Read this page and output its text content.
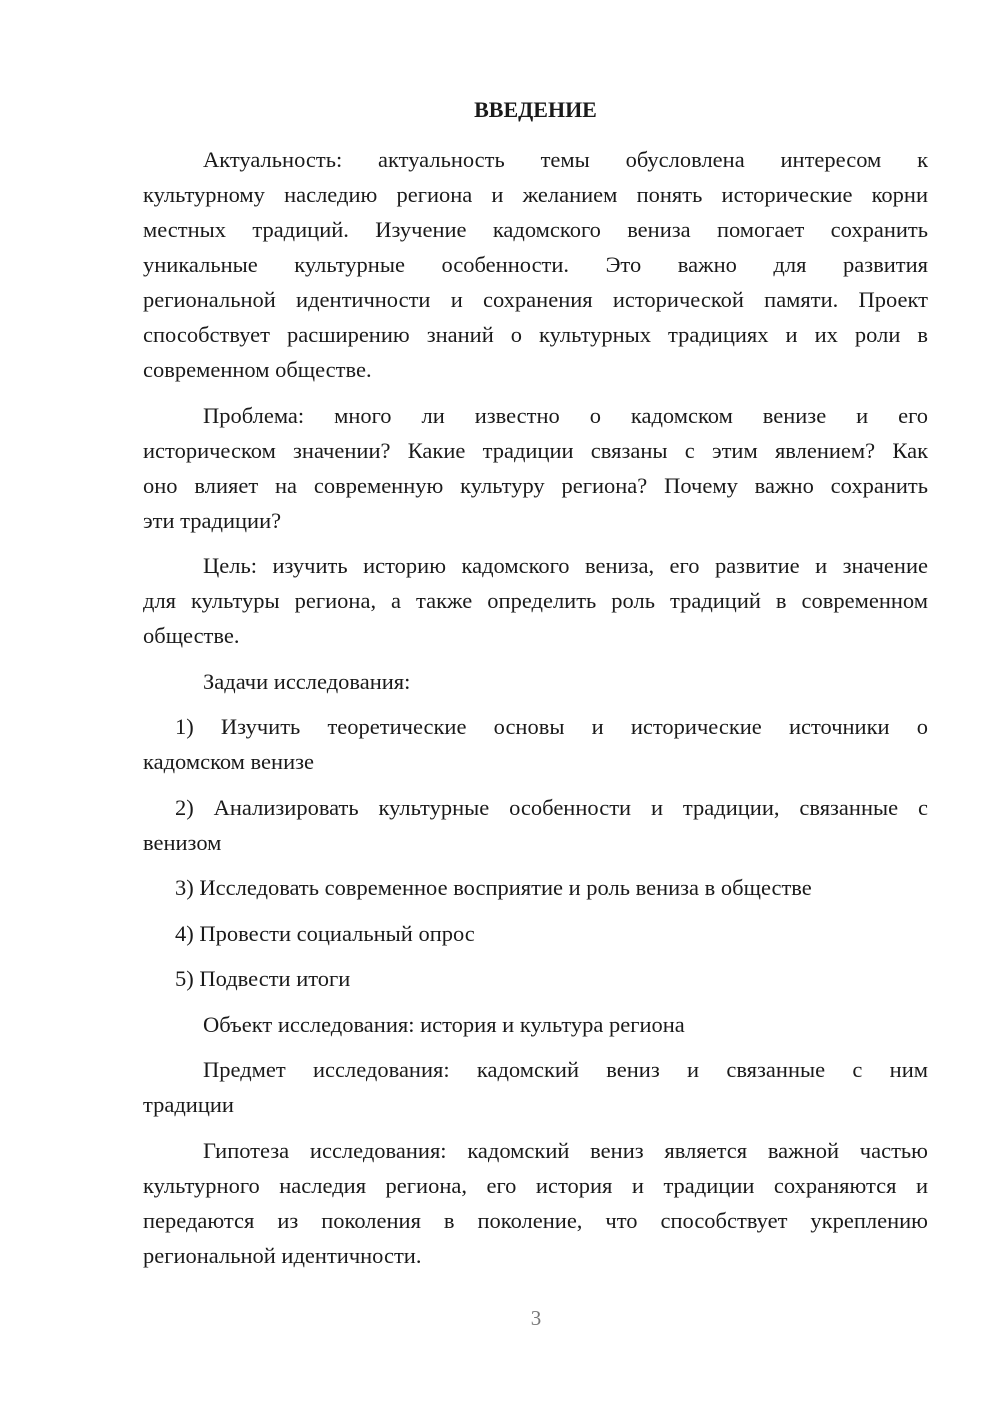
ВВЕДЕНИЕ
Актуальность: актуальность темы обусловлена интересом к
культурному наследию региона и желанием понять исторические корни
местных традиций. Изучение кадомского вениза помогает сохранить
уникальные культурные особенности. Это важно для развития
региональной идентичности и сохранения исторической памяти. Проект
способствует расширению знаний о культурных традициях и их роли в
современном обществе.
Проблема: много ли известно о кадомском венизе и его
историческом значении? Какие традиции связаны с этим явлением? Как
оно влияет на современную культуру региона? Почему важно сохранить
эти традиции?
Цель: изучить историю кадомского вениза, его развитие и значение
для культуры региона, а также определить роль традиций в современном
обществе.
Задачи исследования:
1) Изучить теоретические основы и исторические источники о
кадомском венизе
2) Анализировать культурные особенности и традиции, связанные с
венизом
3) Исследовать современное восприятие и роль вениза в обществе
4) Провести социальный опрос
5) Подвести итоги
Объект исследования: история и культура региона
Предмет исследования: кадомский вениз и связанные с ним
традиции
Гипотеза исследования: кадомский вениз является важной частью
культурного наследия региона, его история и традиции сохраняются и
передаются из поколения в поколение, что способствует укреплению
региональной идентичности.
3
